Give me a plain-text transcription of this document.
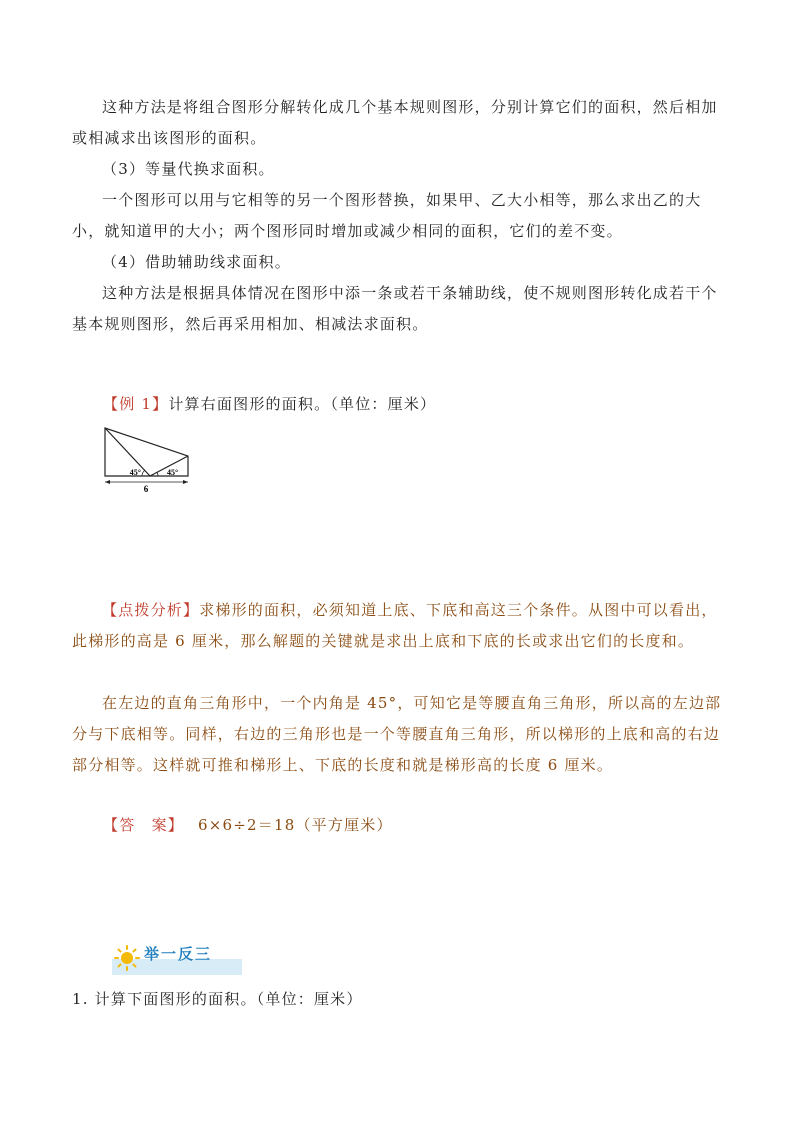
这种方法是将组合图形分解转化成几个基本规则图形，分别计算它们的面积，然后相加或相减求出该图形的面积。

（3）等量代换求面积。

一个图形可以用与它相等的另一个图形替换，如果甲、乙大小相等，那么求出乙的大小，就知道甲的大小；两个图形同时增加或减少相同的面积，它们的差不变。

（4）借助辅助线求面积。

这种方法是根据具体情况在图形中添一条或若干条辅助线，使不规则图形转化成若干个基本规则图形，然后再采用相加、相减法求面积。

【例 1】计算右面图形的面积。（单位：厘米）
45°	45°
6

【点拨分析】求梯形的面积，必须知道上底、下底和高这三个条件。从图中可以看出，此梯形的高是 6 厘米，那么解题的关键就是求出上底和下底的长或求出它们的长度和。

在左边的直角三角形中，一个内角是 45°，可知它是等腰直角三角形，所以高的左边部分与下底相等。同样，右边的三角形也是一个等腰直角三角形，所以梯形的上底和高的右边部分相等。这样就可推和梯形上、下底的长度和就是梯形高的长度 6 厘米。

【答　案】 6×6÷2＝18（平方厘米）
举一反三
1. 计算下面图形的面积。（单位：厘米）
